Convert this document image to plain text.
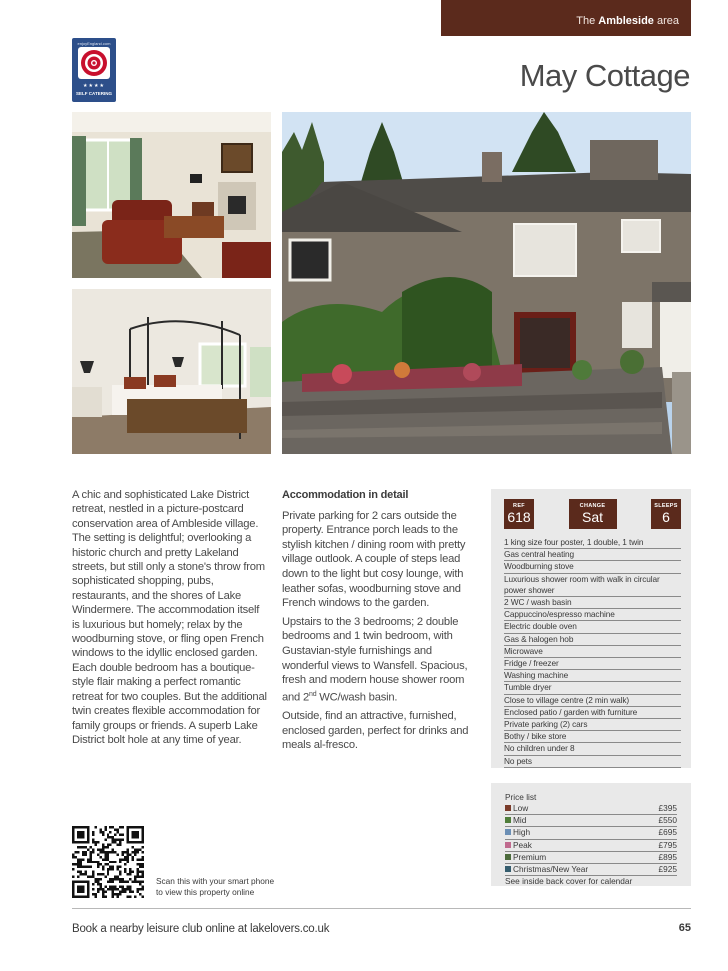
The Ambleside area
May Cottage
enjoyEngland.com
★★★★
SELF CATERING
A chic and sophisticated Lake District retreat, nestled in a picture-postcard conservation area of Ambleside village. The setting is delightful; overlooking a historic church and pretty Lakeland streets, but still only a stone's throw from sophisticated shopping, pubs, restaurants, and the shores of Lake Windermere. The accommodation itself is luxurious but homely; relax by the woodburning stove, or fling open French windows to the idyllic enclosed garden. Each double bedroom has a boutique-style flair making a perfect romantic retreat for two couples. But the additional twin creates flexible accommodation for family groups or friends. A superb Lake District bolt hole at any time of year.
Accommodation in detail

Private parking for 2 cars outside the property. Entrance porch leads to the stylish kitchen / dining room with pretty village outlook. A couple of steps lead down to the light but cosy lounge, with leather sofas, woodburning stove and French windows to the garden.

Upstairs to the 3 bedrooms; 2 double bedrooms and 1 twin bedroom, with Gustavian-style furnishings and wonderful views to Wansfell. Spacious, fresh and modern house shower room and 2nd WC/wash basin.

Outside, find an attractive, furnished, enclosed garden, perfect for drinks and meals al-fresco.

REF
618
CHANGE
Sat
SLEEPS
6
1 king size four poster, 1 double, 1 twin
Gas central heating
Woodburning stove
Luxurious shower room with walk in circular power shower
2 WC / wash basin
Cappuccino/espresso machine
Electric double oven
Gas & halogen hob
Microwave
Fridge / freezer
Washing machine
Tumble dryer
Close to village centre (2 min walk)
Enclosed patio / garden with furniture
Private parking (2) cars
Bothy / bike store
No children under 8
No pets
Price list
Low	£395
Mid	£550
High	£695
Peak	£795
Premium	£895
Christmas/New Year	£925
See inside back cover for calendar
Scan this with your smart phone
to view this property online
Book a nearby leisure club online at lakelovers.co.uk	65
